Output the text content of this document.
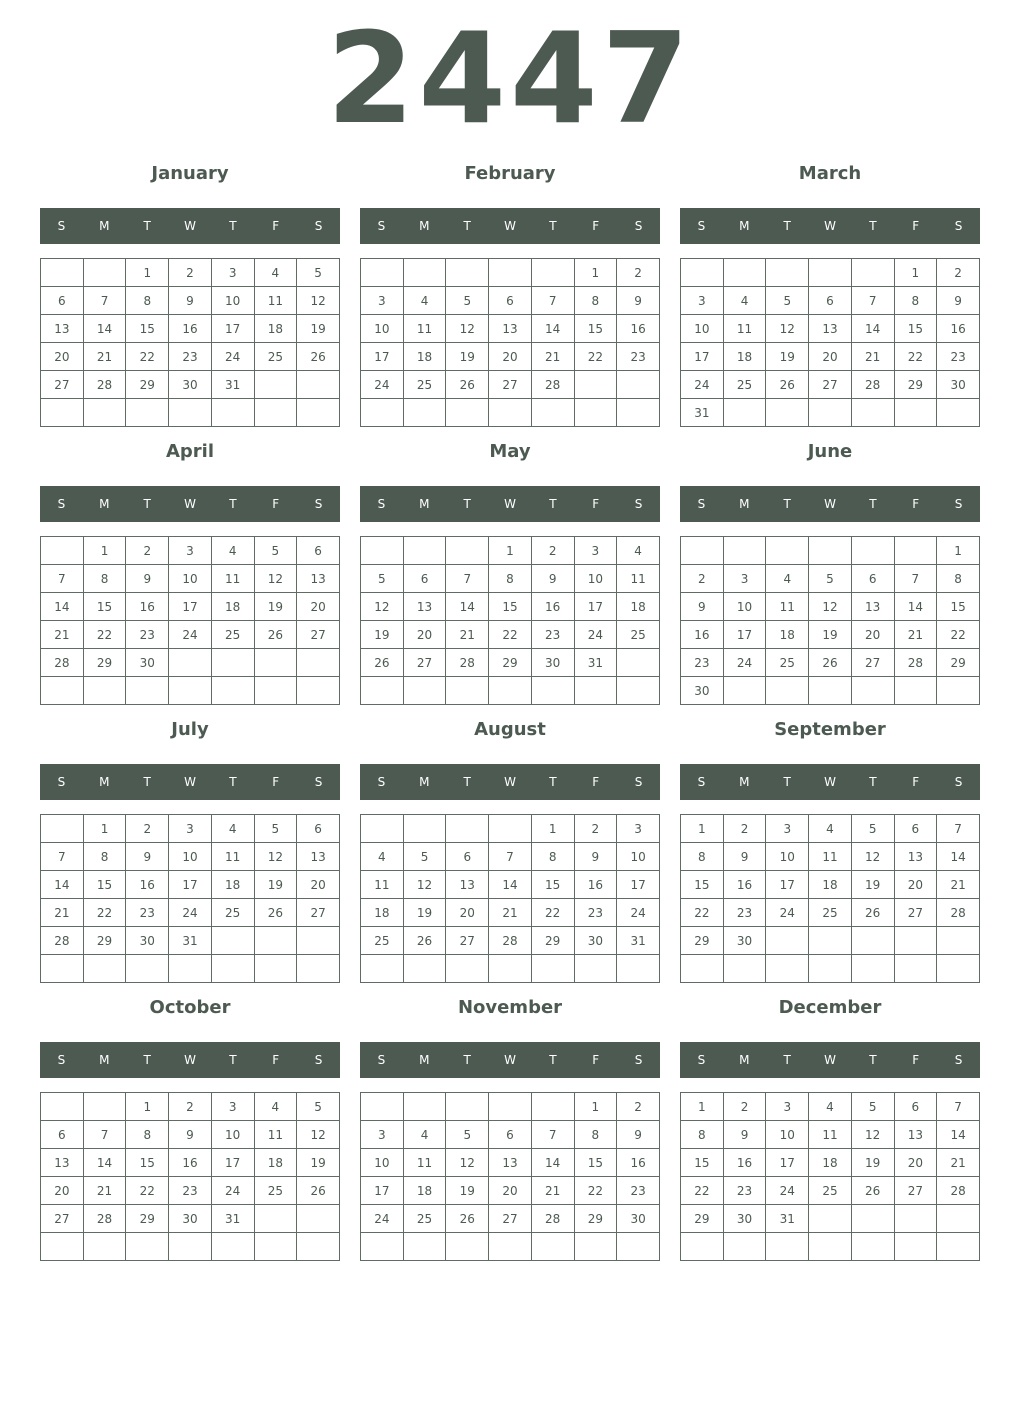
2447
January
S	M	T	W	T	F	S
		1	2	3	4	5
6	7	8	9	10	11	12
13	14	15	16	17	18	19
20	21	22	23	24	25	26
27	28	29	30	31		

February
S	M	T	W	T	F	S
					1	2
3	4	5	6	7	8	9
10	11	12	13	14	15	16
17	18	19	20	21	22	23
24	25	26	27	28		

March
S	M	T	W	T	F	S
					1	2
3	4	5	6	7	8	9
10	11	12	13	14	15	16
17	18	19	20	21	22	23
24	25	26	27	28	29	30
31						
April
S	M	T	W	T	F	S
	1	2	3	4	5	6
7	8	9	10	11	12	13
14	15	16	17	18	19	20
21	22	23	24	25	26	27
28	29	30				

May
S	M	T	W	T	F	S
			1	2	3	4
5	6	7	8	9	10	11
12	13	14	15	16	17	18
19	20	21	22	23	24	25
26	27	28	29	30	31	

June
S	M	T	W	T	F	S
						1
2	3	4	5	6	7	8
9	10	11	12	13	14	15
16	17	18	19	20	21	22
23	24	25	26	27	28	29
30						
July
S	M	T	W	T	F	S
	1	2	3	4	5	6
7	8	9	10	11	12	13
14	15	16	17	18	19	20
21	22	23	24	25	26	27
28	29	30	31			

August
S	M	T	W	T	F	S
				1	2	3
4	5	6	7	8	9	10
11	12	13	14	15	16	17
18	19	20	21	22	23	24
25	26	27	28	29	30	31

September
S	M	T	W	T	F	S
1	2	3	4	5	6	7
8	9	10	11	12	13	14
15	16	17	18	19	20	21
22	23	24	25	26	27	28
29	30					

October
S	M	T	W	T	F	S
		1	2	3	4	5
6	7	8	9	10	11	12
13	14	15	16	17	18	19
20	21	22	23	24	25	26
27	28	29	30	31		

November
S	M	T	W	T	F	S
					1	2
3	4	5	6	7	8	9
10	11	12	13	14	15	16
17	18	19	20	21	22	23
24	25	26	27	28	29	30

December
S	M	T	W	T	F	S
1	2	3	4	5	6	7
8	9	10	11	12	13	14
15	16	17	18	19	20	21
22	23	24	25	26	27	28
29	30	31				
